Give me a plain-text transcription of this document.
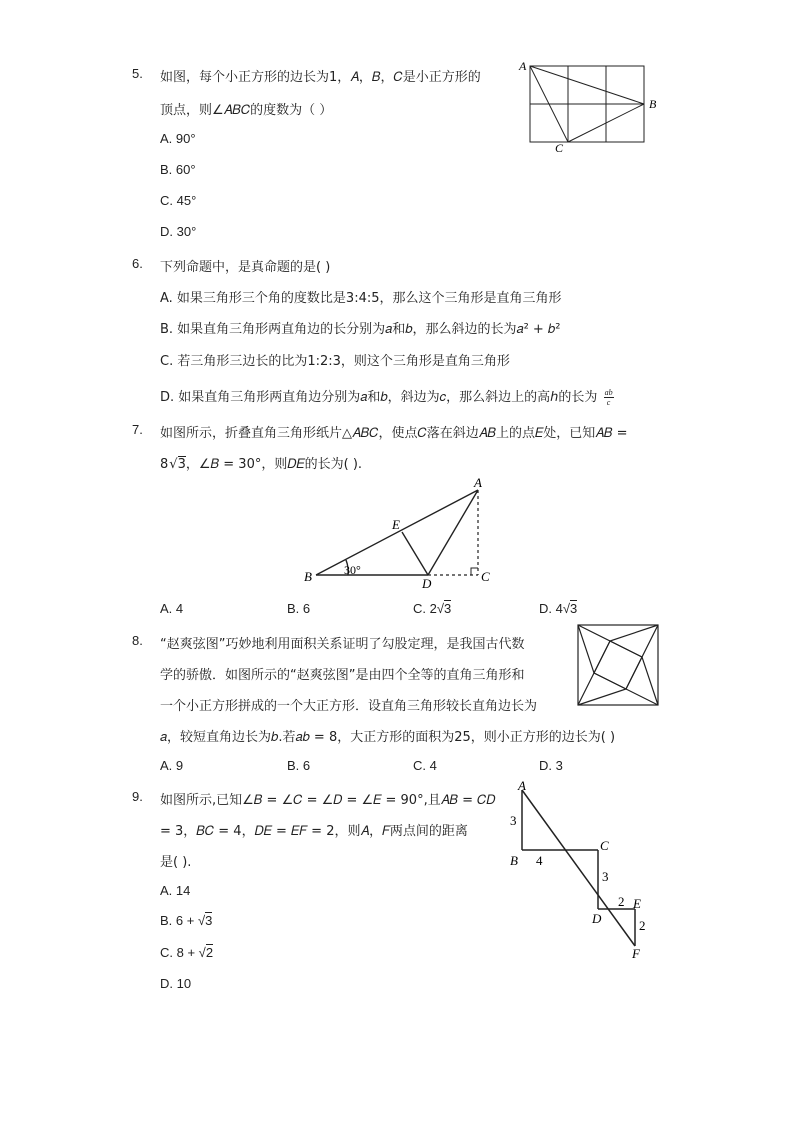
5. 如图，每个小正方形的边长为1，𝐴，𝐵，𝐶是小正方形的
顶点，则∠𝐴𝐵𝐶的度数为（ ）
A. 90°
B. 60°
C. 45°
D. 30°
A
B
C
6. 下列命题中，是真命题的是( )
A. 如果三角形三个角的度数比是3:4:5，那么这个三角形是直角三角形
B. 如果直角三角形两直角边的长分别为𝑎和𝑏，那么斜边的长为𝑎² + 𝑏²
C. 若三角形三边长的比为1:2:3，则这个三角形是直角三角形
D. 如果直角三角形两直角边分别为𝑎和𝑏，斜边为𝑐，那么斜边上的高ℎ的长为 $\frac{ab}{c}$
7. 如图所示，折叠直角三角形纸片△𝐴𝐵𝐶，使点𝐶落在斜边𝐴𝐵上的点𝐸处，已知𝐴𝐵 =
8√3，∠𝐵 = 30°，则𝐷𝐸的长为( ).
A
B	C
D
E
30°
A. 4	B. 6	C. 2√3	D. 4√3
8. “赵爽弦图”巧妙地利用面积关系证明了勾股定理，是我国古代数
学的骄傲．如图所示的“赵爽弦图”是由四个全等的直角三角形和
一个小正方形拼成的一个大正方形．设直角三角形较长直角边长为
𝑎，较短直角边长为𝑏.若𝑎𝑏 = 8，大正方形的面积为25，则小正方形的边长为( )
A. 9	B. 6	C. 4	D. 3
9. 如图所示,已知∠𝐵 = ∠𝐶 = ∠𝐷 = ∠𝐸 = 90°,且𝐴𝐵 = 𝐶𝐷
= 3，𝐵𝐶 = 4，𝐷𝐸 = 𝐸𝐹 = 2，则𝐴，𝐹两点间的距离
是( ).
A. 14
B. 6 + √3
C. 8 + √2
D. 10
A
B
C
D
E
F
3
4
3
2
2
